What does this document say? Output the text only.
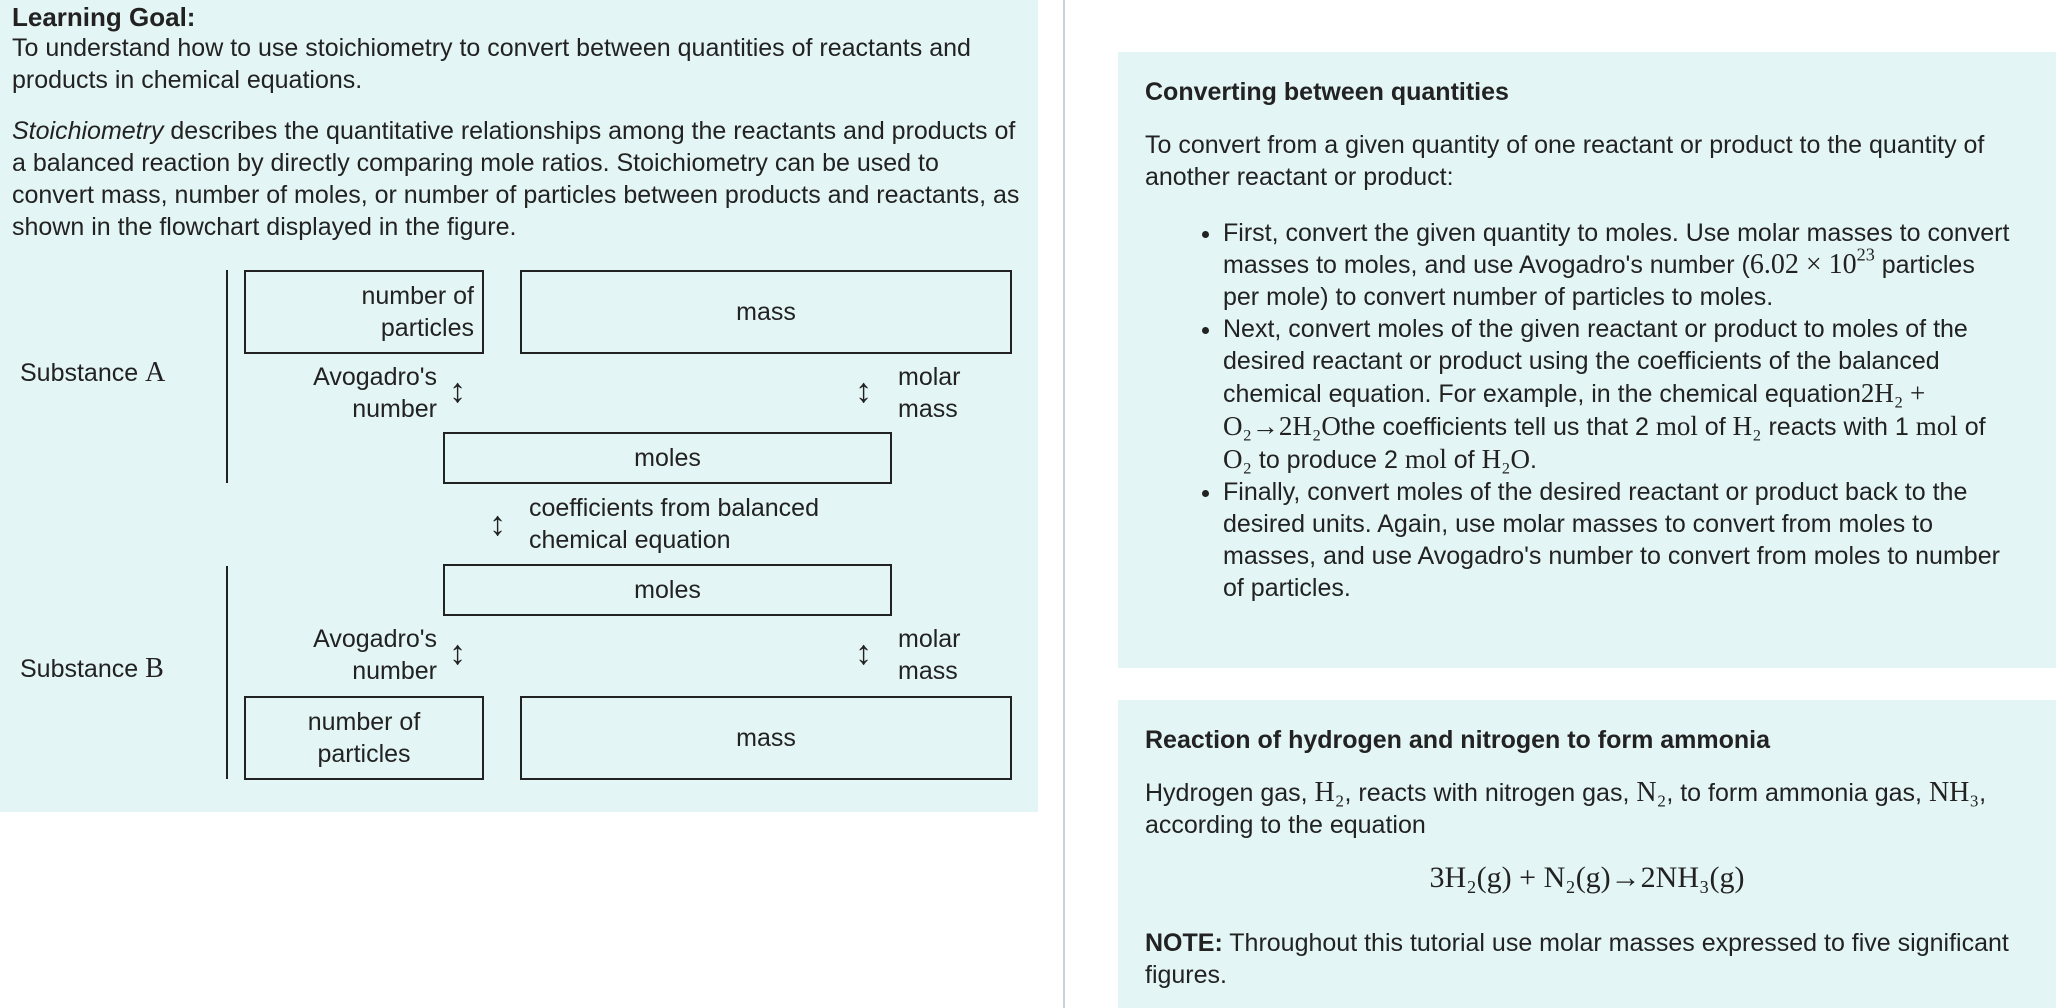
Learning Goal:
To understand how to use stoichiometry to convert between quantities of reactants and products in chemical equations.
Stoichiometry describes the quantitative relationships among the reactants and products of a balanced reaction by directly comparing mole ratios. Stoichiometry can be used to convert mass, number of moles, or number of particles between products and reactants, as shown in the flowchart displayed in the figure.
Substance A
number of particles
mass
Avogadro's number ↕	↕ molar mass
moles
↕ coefficients from balanced chemical equation
moles
Substance B
Avogadro's number ↕	↕ molar mass
number of particles
mass
Converting between quantities
To convert from a given quantity of one reactant or product to the quantity of another reactant or product:
• First, convert the given quantity to moles. Use molar masses to convert masses to moles, and use Avogadro's number ($6.02 \times 10^{23}$ particles per mole) to convert number of particles to moles.
• Next, convert moles of the given reactant or product to moles of the desired reactant or product using the coefficients of the balanced chemical equation. For example, in the chemical equation2H₂ + O₂→2H₂Othe coefficients tell us that 2 mol of H₂ reacts with 1 mol of O₂ to produce 2 mol of H₂O.
• Finally, convert moles of the desired reactant or product back to the desired units. Again, use molar masses to convert from moles to masses, and use Avogadro's number to convert from moles to number of particles.
Reaction of hydrogen and nitrogen to form ammonia
Hydrogen gas, H₂, reacts with nitrogen gas, N₂, to form ammonia gas, NH₃, according to the equation
3H₂(g) + N₂(g)→2NH₃(g)
NOTE: Throughout this tutorial use molar masses expressed to five significant figures.
